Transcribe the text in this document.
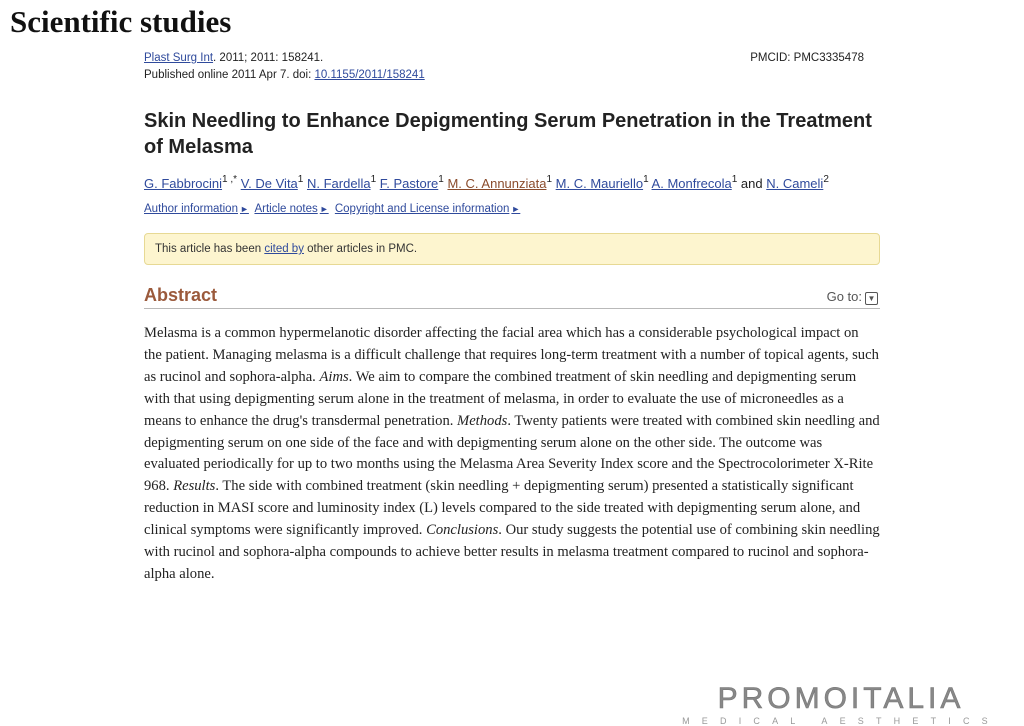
Scientific studies
Plast Surg Int. 2011; 2011: 158241.	PMCID: PMC3335478
Published online 2011 Apr 7. doi: 10.1155/2011/158241
Skin Needling to Enhance Depigmenting Serum Penetration in the Treatment of Melasma
G. Fabbrocini$^{1 ,*}$ V. De Vita$^1$ N. Fardella$^1$ F. Pastore$^1$ M. C. Annunziata$^1$ M. C. Mauriello$^1$ A. Monfrecola$^1$ and N. Cameli$^2$
Author information ► Article notes ► Copyright and License information ►
This article has been cited by other articles in PMC.
Abstract	Go to: ▼
Melasma is a common hypermelanotic disorder affecting the facial area which has a considerable psychological impact on the patient. Managing melasma is a difficult challenge that requires long-term treatment with a number of topical agents, such as rucinol and sophora-alpha. Aims. We aim to compare the combined treatment of skin needling and depigmenting serum with that using depigmenting serum alone in the treatment of melasma, in order to evaluate the use of microneedles as a means to enhance the drug's transdermal penetration. Methods. Twenty patients were treated with combined skin needling and depigmenting serum on one side of the face and with depigmenting serum alone on the other side. The outcome was evaluated periodically for up to two months using the Melasma Area Severity Index score and the Spectrocolorimeter X-Rite 968. Results. The side with combined treatment (skin needling + depigmenting serum) presented a statistically significant reduction in MASI score and luminosity index (L) levels compared to the side treated with depigmenting serum alone, and clinical symptoms were significantly improved. Conclusions. Our study suggests the potential use of combining skin needling with rucinol and sophora-alpha compounds to achieve better results in melasma treatment compared to rucinol and sophora-alpha alone.
PROMOITALIA
MEDICAL AESTHETICS
